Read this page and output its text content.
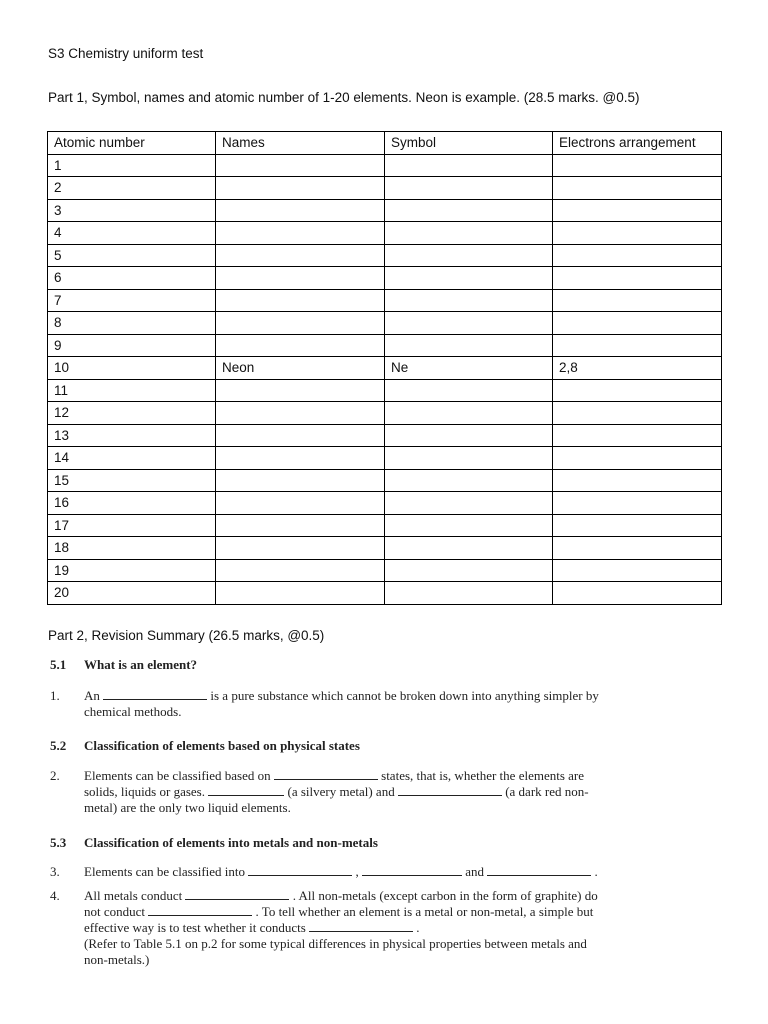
S3 Chemistry uniform test
Part 1, Symbol, names and atomic number of 1-20 elements. Neon is example. (28.5 marks. @0.5)
Atomic number	Names	Symbol	Electrons arrangement
1			
2			
3			
4			
5			
6			
7			
8			
9			
10	Neon	Ne	2,8
11			
12			
13			
14			
15			
16			
17			
18			
19			
20			
Part 2, Revision Summary (26.5 marks, @0.5)
5.1 What is an element?
1. An	is a pure substance which cannot be broken down into anything simpler by
chemical methods.
5.2 Classification of elements based on physical states
2. Elements can be classified based on	states, that is, whether the elements are
solids, liquids or gases.	(a silvery metal) and	(a dark red non-
metal) are the only two liquid elements.
5.3 Classification of elements into metals and non-metals
3. Elements can be classified into	,	and	.
4. All metals conduct	. All non-metals (except carbon in the form of graphite) do
not conduct	. To tell whether an element is a metal or non-metal, a simple but
effective way is to test whether it conducts	.
(Refer to Table 5.1 on p.2 for some typical differences in physical properties between metals and
non-metals.)
